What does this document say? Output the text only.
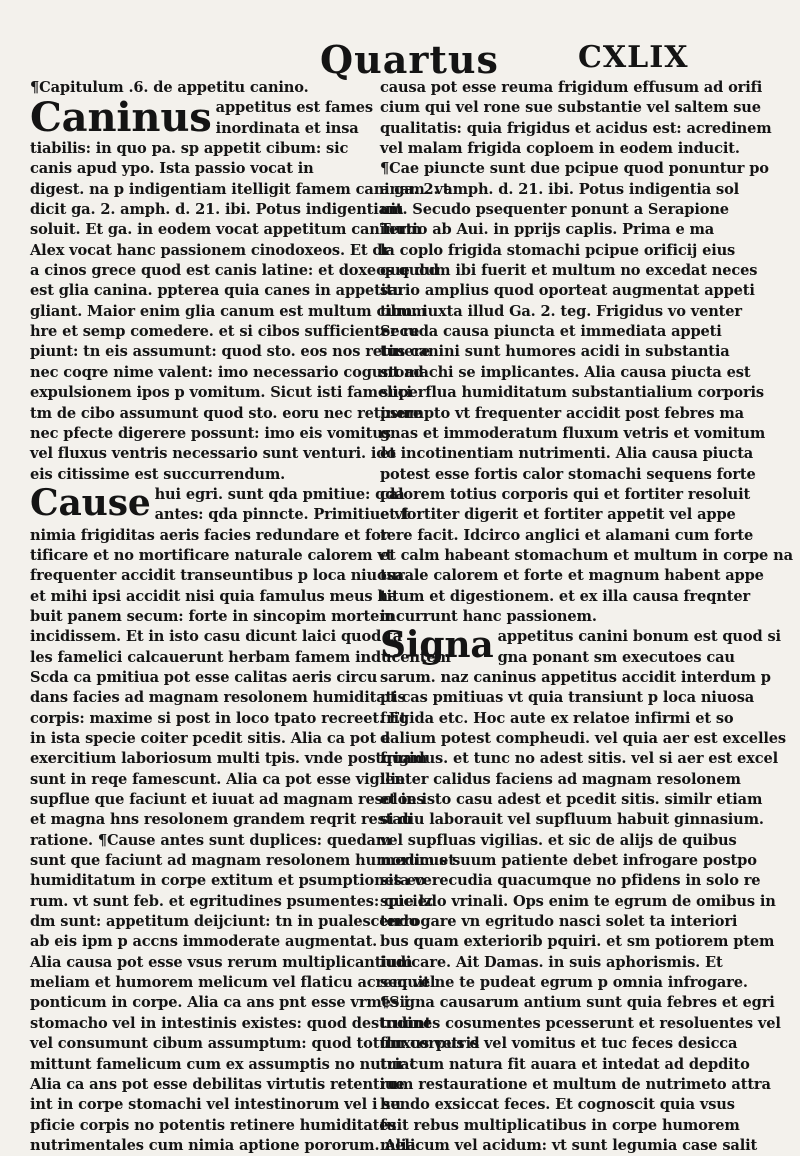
Quartus	CXLIX
¶Capitulum .6. de appetitu canino.
Caninus appetitus est fames
inordinata et insa
tiabilis: in quo pa. sp appetit cibum: sic
canis apud ypo. Ista passio vocat in
digest. na p indigentiam itelligit famem caninam. vt
dicit ga. 2. amph. d. 21. ibi. Potus indigentiam
soluit. Et ga. in eodem vocat appetitum caninum
Alex vocat hanc passionem cinodoxeos. Et dr
a cinos grece quod est canis latine: et doxeos quod
est glia canina. ppterea quia canes in appetitu
gliant. Maior enim glia canum est multum cibum
hre et semp comedere. et si cibos sufficienter re
piunt: tn eis assumunt: quod sto. eos nos retinere
nec coqre nime valent: imo necessario cogunt ad
expulsionem ipos p vomitum. Sicut isti famelici
tm de cibo assumunt quod sto. eoru nec retinere
nec pfecte digerere possunt: imo eis vomitus
vel fluxus ventris necessario sunt venturi. ido
eis citissime est succurrendum.
Cause hui egri. sunt qda pmitiue: qda
antes: qda pinncte. Primitiue vt
nimia frigiditas aeris facies redundare et for
tificare et no mortificare naturale calorem vt
frequenter accidit transeuntibus p loca niuosa
et mihi ipsi accidit nisi quia famulus meus ha
buit panem secum: forte in sincopim mortem
incidissem. Et in isto casu dicunt laici quod ta
les famelici calcauerunt herbam famem inducentem
Scda ca pmitiua pot esse calitas aeris circu
dans facies ad magnam resolonem humiditatis
corpis: maxime si post in loco tpato recreet. Et
in ista specie coiter pcedit sitis. Alia ca pot e
exercitium laboriosum multi tpis. vnde postquam
sunt in reqe famescunt. Alia ca pot esse vigilie
supflue que faciunt et iuuat ad magnam resoloes
et magna hns resolonem grandem reqrit restau
ratione. ¶Cause antes sunt duplices: quedam
sunt que faciunt ad magnam resolonem humorum et
humiditatum in corpe extitum et psumptiones eo
rum. vt sunt feb. et egritudines psumentes: que lz
dm sunt: appetitum deijciunt: tn in pualescendo
ab eis ipm p accns immoderate augmentat.
Alia causa pot esse vsus rerum multiplicantium
meliam et humorem melicum vel flaticu acrem vel
ponticum in corpe. Alia ca ans pnt esse vrmes i
stomacho vel in intestinis existes: quod destruunt
vel consumunt cibum assumptum: quod totum corpus d
mittunt famelicum cum ex assumptis no nutriat
Alia ca ans pot esse debilitas virtutis retentiue
int in corpe stomachi vel intestinorum vel i su
pficie corpis no potentis retinere humiditates
nutrimentales cum nimia aptione pororum. Alia
causa pot esse reuma frigidum effusum ad orifi
cium qui vel rone sue substantie vel saltem sue
qualitatis: quia frigidus et acidus est: acredinem
vel malam frigida coploem in eodem inducit.
¶Cae piuncte sunt due pcipue quod ponuntur po
a ga. 2. amph. d. 21. ibi. Potus indigentia sol
uit. Secudo psequenter ponunt a Serapione
Tertio ab Aui. in pprijs caplis. Prima e ma
la coplo frigida stomachi pcipue orificij eius
que dum ibi fuerit et multum no excedat neces
sario amplius quod oporteat augmentat appeti
tum. iuxta illud Ga. 2. teg. Frigidus vo venter
Secuda causa piuncta et immediata appeti
tus canini sunt humores acidi in substantia
stomachi se implicantes. Alia causa piucta est
superflua humiditatum substantialium corporis
psumpto vt frequenter accidit post febres ma
gnas et immoderatum fluxum vetris et vomitum
et incotinentiam nutrimenti. Alia causa piucta
potest esse fortis calor stomachi sequens forte
calorem totius corporis qui et fortiter resoluit
et fortiter digerit et fortiter appetit vel appe
tere facit. Idcirco anglici et alamani cum forte
et calm habeant stomachum et multum in corpe na
turale calorem et forte et magnum habent appe
titum et digestionem. et ex illa causa freqnter
incurrunt hanc passionem.
Signa appetitus canini bonum est quod si
gna ponant sm executoes cau
sarum. naz caninus appetitus accidit interdum p
pt cas pmitiuas vt quia transiunt p loca niuosa
frigida etc. Hoc aute ex relatoe infirmi et so
dalium potest compheudi. vel quia aer est excelles
frigidus. et tunc no adest sitis. vel si aer est excel
lenter calidus faciens ad magnam resolonem
et in isto casu adest et pcedit sitis. similr etiam
si diu laborauit vel supfluum habuit ginnasium.
vel supfluas vigilias. et sic de alijs de quibus
medicus suum patiente debet infrogare postpo
sita verecudia quacumque no pfidens in solo re
spiciedo vrinali. Ops enim te egrum de omibus in
terrogare vn egritudo nasci solet ta interiori
bus quam exteriorib pquiri. et sm potiorem ptem
iudicare. Ait Damas. in suis aphorismis. Et
sequit ne te pudeat egrum p omnia infrogare.
¶Signa causarum antium sunt quia febres et egri
tudines cosumentes pcesserunt et resoluentes vel
fluxus vetris vel vomitus et tuc feces desicca
tur cum natura fit auara et intedat ad depdito
rum restauratione et multum de nutrimeto attra
hendo exsiccat feces. Et cognoscit quia vsus
fuit rebus multiplicatibus in corpe humorem
melicum vel acidum: vt sunt legumia case salit
